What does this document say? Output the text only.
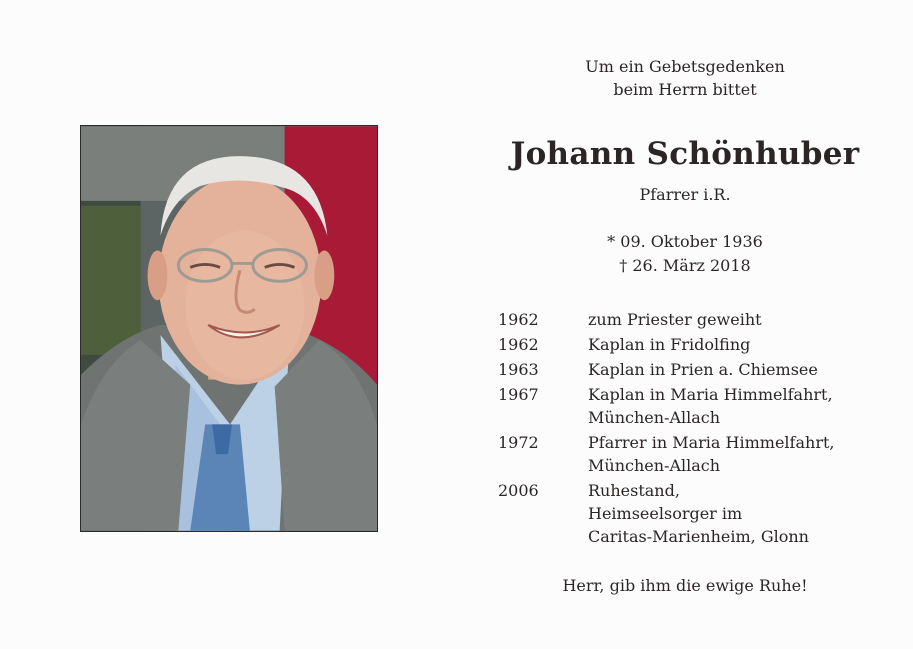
Um ein Gebetsgedenken
beim Herrn bittet
Johann Schönhuber
Pfarrer i.R.
* 09. Oktober 1936
† 26. März 2018
1962	zum Priester geweiht
1962	Kaplan in Fridolfing
1963	Kaplan in Prien a. Chiemsee
1967	Kaplan in Maria Himmelfahrt,
München-Allach
1972	Pfarrer in Maria Himmelfahrt,
München-Allach
2006	Ruhestand,
Heimseelsorger im
Caritas-Marienheim, Glonn
Herr, gib ihm die ewige Ruhe!
